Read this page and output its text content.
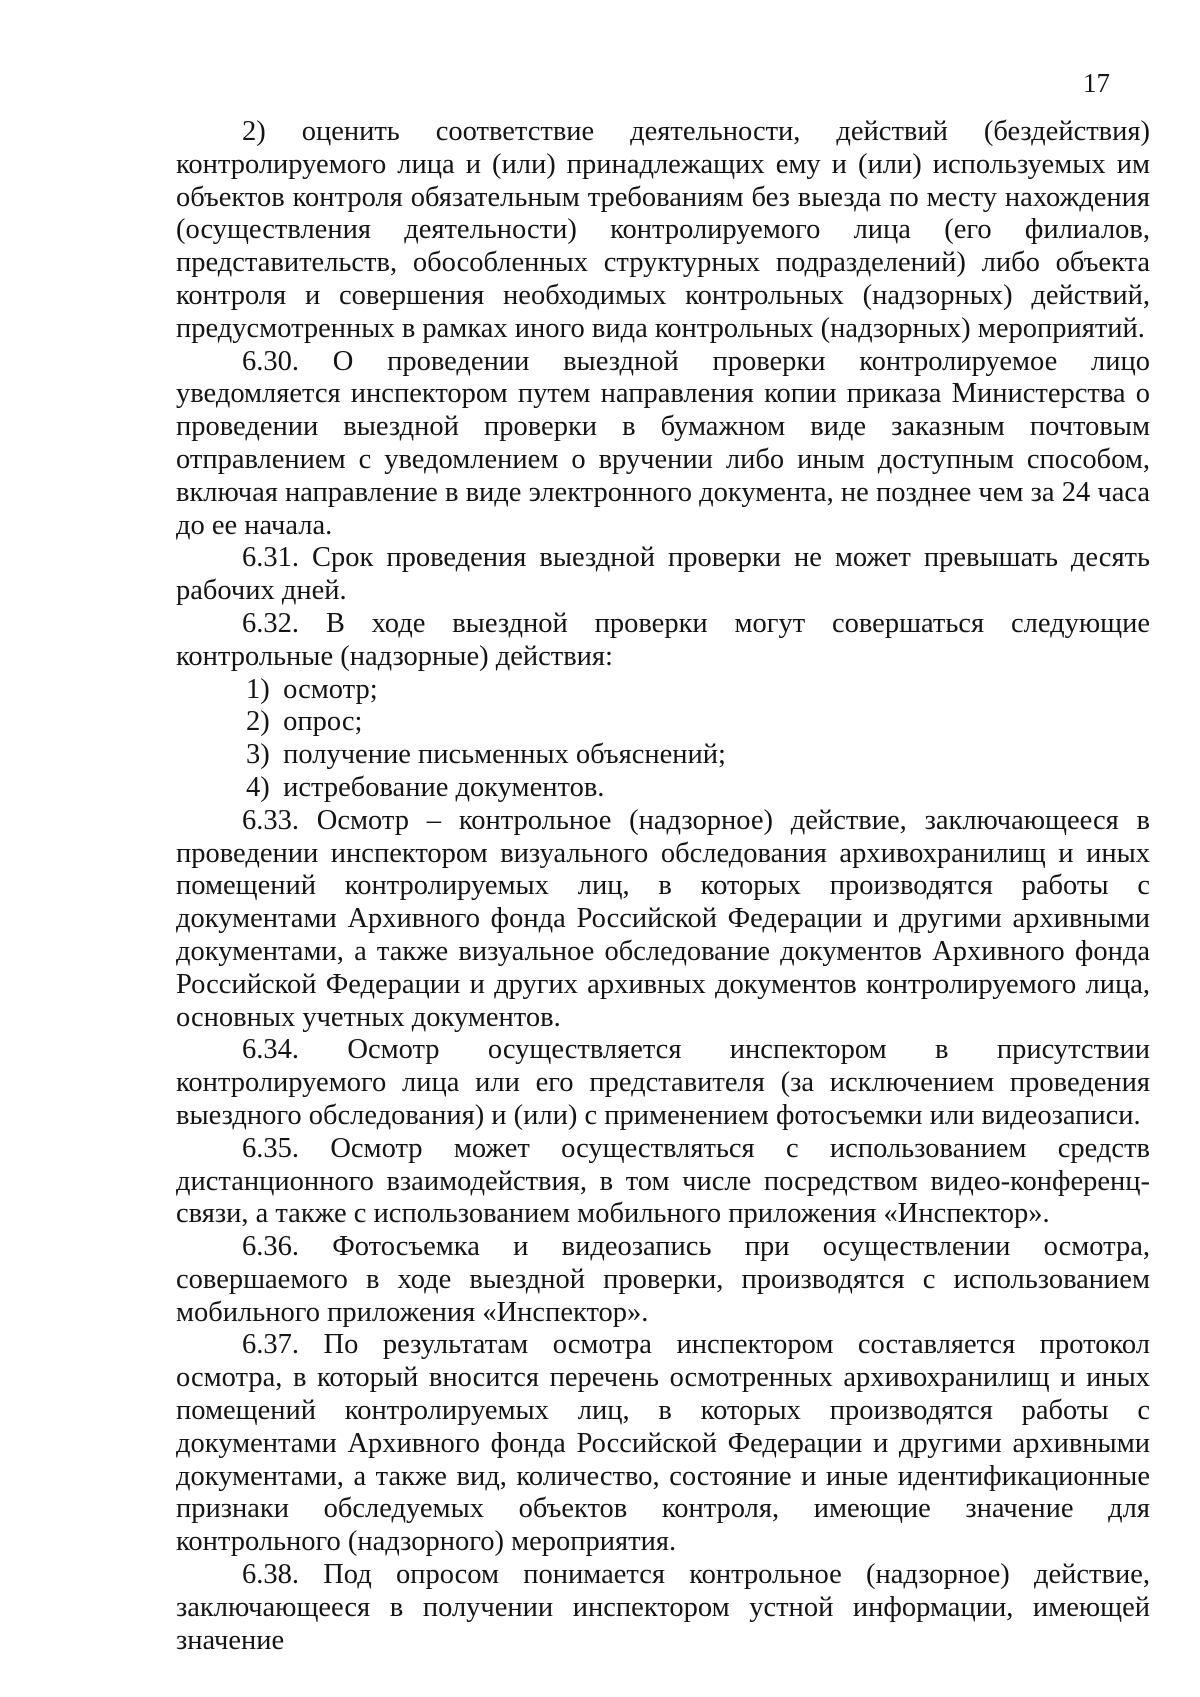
17

2) оценить соответствие деятельности, действий (бездействия) контролируемого лица и (или) принадлежащих ему и (или) используемых им объектов контроля обязательным требованиям без выезда по месту нахождения (осуществления деятельности) контролируемого лица (его филиалов, представительств, обособленных структурных подразделений) либо объекта контроля и совершения необходимых контрольных (надзорных) действий, предусмотренных в рамках иного вида контрольных (надзорных) мероприятий.

6.30. О проведении выездной проверки контролируемое лицо уведомляется инспектором путем направления копии приказа Министерства о проведении выездной проверки в бумажном виде заказным почтовым отправлением с уведомлением о вручении либо иным доступным способом, включая направление в виде электронного документа, не позднее чем за 24 часа до ее начала.

6.31. Срок проведения выездной проверки не может превышать десять рабочих дней.

6.32. В ходе выездной проверки могут совершаться следующие контрольные (надзорные) действия:

1) осмотр;

2) опрос;

3) получение письменных объяснений;

4) истребование документов.

6.33. Осмотр – контрольное (надзорное) действие, заключающееся в проведении инспектором визуального обследования архивохранилищ и иных помещений контролируемых лиц, в которых производятся работы с документами Архивного фонда Российской Федерации и другими архивными документами, а также визуальное обследование документов Архивного фонда Российской Федерации и других архивных документов контролируемого лица, основных учетных документов.

6.34. Осмотр осуществляется инспектором в присутствии контролируемого лица или его представителя (за исключением проведения выездного обследования) и (или) с применением фотосъемки или видеозаписи.

6.35. Осмотр может осуществляться с использованием средств дистанционного взаимодействия, в том числе посредством видео-конференц-связи, а также с использованием мобильного приложения «Инспектор».

6.36. Фотосъемка и видеозапись при осуществлении осмотра, совершаемого в ходе выездной проверки, производятся с использованием мобильного приложения «Инспектор».

6.37. По результатам осмотра инспектором составляется протокол осмотра, в который вносится перечень осмотренных архивохранилищ и иных помещений контролируемых лиц, в которых производятся работы с документами Архивного фонда Российской Федерации и другими архивными документами, а также вид, количество, состояние и иные идентификационные признаки обследуемых объектов контроля, имеющие значение для контрольного (надзорного) мероприятия.

6.38. Под опросом понимается контрольное (надзорное) действие, заключающееся в получении инспектором устной информации, имеющей значение
